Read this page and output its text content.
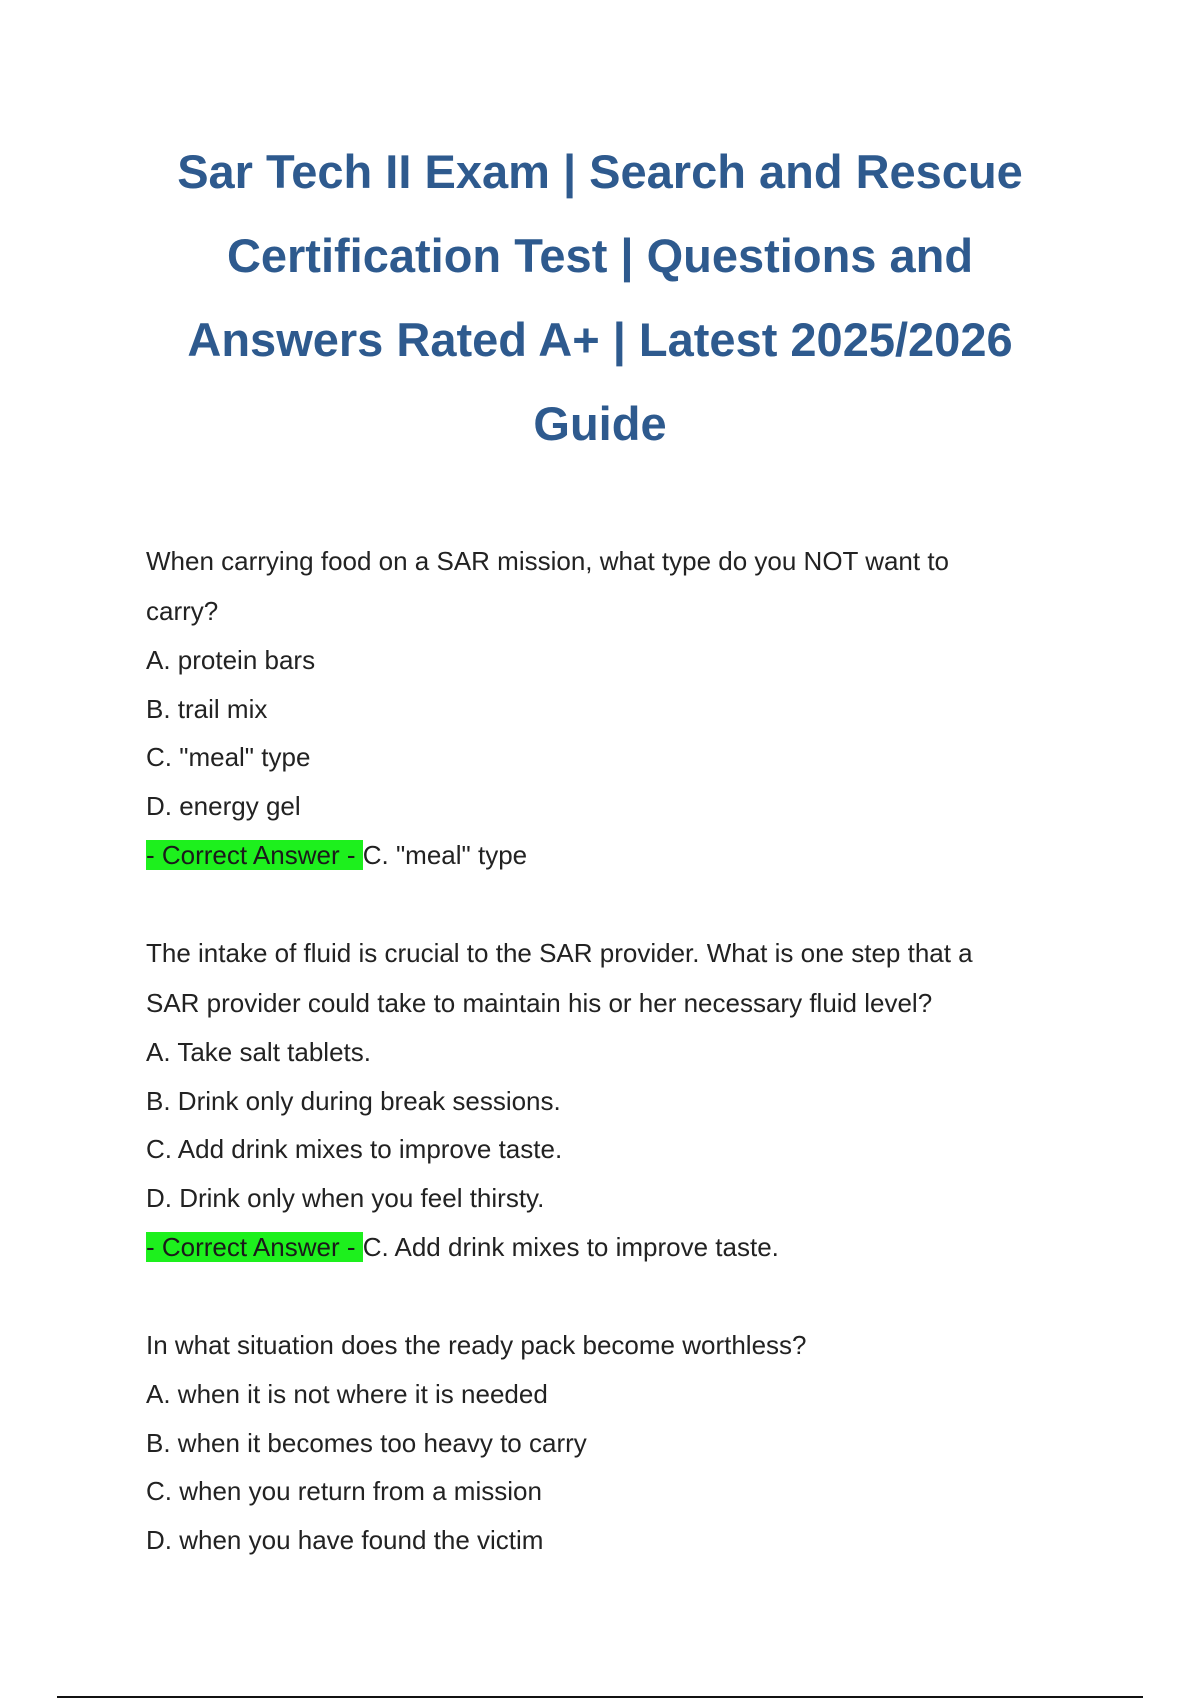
Sar Tech II Exam | Search and Rescue
Certification Test | Questions and
Answers Rated A+ | Latest 2025/2026
Guide
When carrying food on a SAR mission, what type do you NOT want to
carry?
A. protein bars
B. trail mix
C. "meal" type
D. energy gel
- Correct Answer - C. "meal" type
The intake of fluid is crucial to the SAR provider. What is one step that a
SAR provider could take to maintain his or her necessary fluid level?
A. Take salt tablets.
B. Drink only during break sessions.
C. Add drink mixes to improve taste.
D. Drink only when you feel thirsty.
- Correct Answer - C. Add drink mixes to improve taste.
In what situation does the ready pack become worthless?
A. when it is not where it is needed
B. when it becomes too heavy to carry
C. when you return from a mission
D. when you have found the victim
